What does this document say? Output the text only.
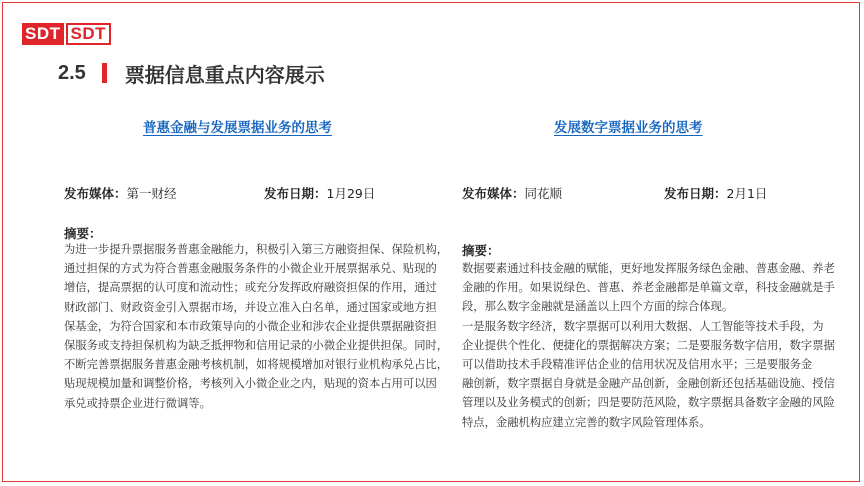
SDT SDT
2.5 票据信息重点内容展示
普惠金融与发展票据业务的思考
发布媒体：第一财经	发布日期：1月29日
摘要：

为进一步提升票据服务普惠金融能力，积极引入第三方融资担保、保险机构，

通过担保的方式为符合普惠金融服务条件的小微企业开展票据承兑、贴现的

增信，提高票据的认可度和流动性；或充分发挥政府融资担保的作用，通过

财政部门、财政资金引入票据市场，并设立准入白名单，通过国家或地方担

保基金，为符合国家和本市政策导向的小微企业和涉农企业提供票据融资担

保服务或支持担保机构为缺乏抵押物和信用记录的小微企业提供担保。同时，

不断完善票据服务普惠金融考核机制，如将规模增加对银行业机构承兑占比，

贴现规模加量和调整价格，考核列入小微企业之内，贴现的资本占用可以因

承兑或持票企业进行微调等。

发展数字票据业务的思考
发布媒体：同花顺	发布日期：2月1日
摘要：

数据要素通过科技金融的赋能，更好地发挥服务绿色金融、普惠金融、养老

金融的作用。如果说绿色、普惠、养老金融都是单篇文章，科技金融就是手

段，那么数字金融就是涵盖以上四个方面的综合体现。

一是服务数字经济，数字票据可以利用大数据、人工智能等技术手段，为

企业提供个性化、便捷化的票据解决方案；二是要服务数字信用，数字票据

可以借助技术手段精准评估企业的信用状况及信用水平；三是要服务金

融创新，数字票据自身就是金融产品创新，金融创新还包括基础设施、授信

管理以及业务模式的创新；四是要防范风险，数字票据具备数字金融的风险

特点，金融机构应建立完善的数字风险管理体系。
